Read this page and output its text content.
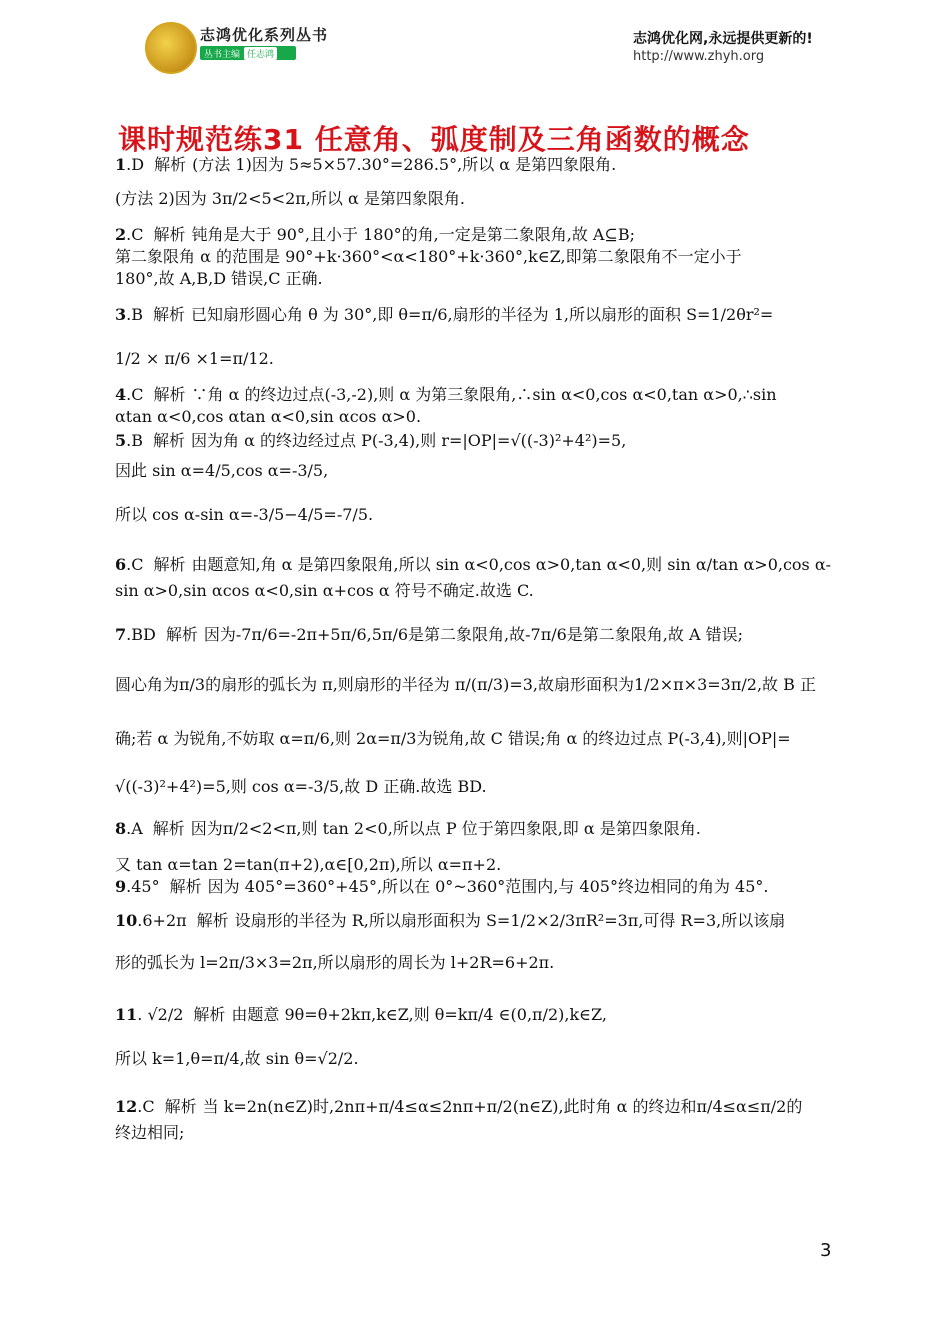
志鸿优化系列丛书
丛书主编 任志鸿
志鸿优化网,永远提供更新的!
http://www.zhyh.org
课时规范练31 任意角、弧度制及三角函数的概念
1.D 解析 (方法 1)因为 5≈5×57.30°=286.5°,所以 α 是第四象限角.
(方法 2)因为 3π/2<5<2π,所以 α 是第四象限角.
2.C 解析 钝角是大于 90°,且小于 180°的角,一定是第二象限角,故 A⊆B;
第二象限角 α 的范围是 90°+k·360°<α<180°+k·360°,k∈Z,即第二象限角不一定小于
180°,故 A,B,D 错误,C 正确.
3.B 解析 已知扇形圆心角 θ 为 30°,即 θ=π/6,扇形的半径为 1,所以扇形的面积 S=1/2θr²=
1/2 × π/6 ×1=π/12.
4.C 解析 ∵角 α 的终边过点(-3,-2),则 α 为第三象限角,∴sin α<0,cos α<0,tan α>0,∴sin
αtan α<0,cos αtan α<0,sin αcos α>0.
5.B 解析 因为角 α 的终边经过点 P(-3,4),则 r=|OP|=√((-3)²+4²)=5,
因此 sin α=4/5,cos α=-3/5,
所以 cos α-sin α=-3/5−4/5=-7/5.
6.C 解析 由题意知,角 α 是第四象限角,所以 sin α<0,cos α>0,tan α<0,则 sin α/tan α>0,cos α-
sin α>0,sin αcos α<0,sin α+cos α 符号不确定.故选 C.
7.BD 解析 因为-7π/6=-2π+5π/6,5π/6是第二象限角,故-7π/6是第二象限角,故 A 错误;
圆心角为π/3的扇形的弧长为 π,则扇形的半径为 π/(π/3)=3,故扇形面积为1/2×π×3=3π/2,故 B 正
确;若 α 为锐角,不妨取 α=π/6,则 2α=π/3为锐角,故 C 错误;角 α 的终边过点 P(-3,4),则|OP|=
√((-3)²+4²)=5,则 cos α=-3/5,故 D 正确.故选 BD.
8.A 解析 因为π/2<2<π,则 tan 2<0,所以点 P 位于第四象限,即 α 是第四象限角.
又 tan α=tan 2=tan(π+2),α∈[0,2π),所以 α=π+2.
9.45° 解析 因为 405°=360°+45°,所以在 0°~360°范围内,与 405°终边相同的角为 45°.
10.6+2π 解析 设扇形的半径为 R,所以扇形面积为 S=1/2×2/3πR²=3π,可得 R=3,所以该扇
形的弧长为 l=2π/3×3=2π,所以扇形的周长为 l+2R=6+2π.
11. √2/2 解析 由题意 9θ=θ+2kπ,k∈Z,则 θ=kπ/4 ∈(0,π/2),k∈Z,
所以 k=1,θ=π/4,故 sin θ=√2/2.
12.C 解析 当 k=2n(n∈Z)时,2nπ+π/4≤α≤2nπ+π/2(n∈Z),此时角 α 的终边和π/4≤α≤π/2的
终边相同;
3
